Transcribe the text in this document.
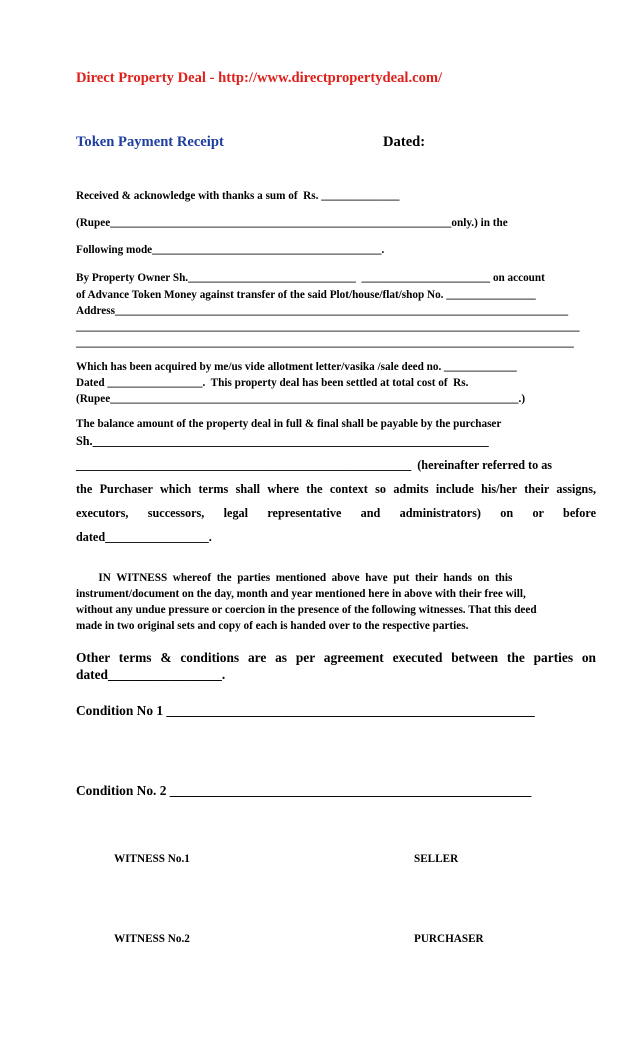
Direct Property Deal - http://www.directpropertydeal.com/
Token Payment Receipt	Dated:
Received & acknowledge with thanks a sum of  Rs. ______________
(Rupee_____________________________________________________________only.) in the
Following mode_________________________________________.
By Property Owner Sh.______________________________  _______________________ on account
of Advance Token Money against transfer of the said Plot/house/flat/shop No. ________________
Address_________________________________________________________________________________
__________________________________________________________________________________________
_________________________________________________________________________________________
Which has been acquired by me/us vide allotment letter/vasika /sale deed no. _____________
Dated _________________.  This property deal has been settled at total cost of  Rs.
(Rupee_________________________________________________________________________.)
The balance amount of the property deal in full & final shall be payable by the purchaser
Sh._________________________________________________________________
_______________________________________________________  (hereinafter referred to as
the Purchaser which terms shall where the context so admits include his/her their assigns,
executors, successors, legal representative and administrators) on or before
dated_________________.
IN  WITNESS  whereof  the  parties  mentioned  above  have  put  their  hands  on  this
instrument/document on the day, month and year mentioned here in above with their free will,
without any undue pressure or coercion in the presence of the following witnesses. That this deed
made in two original sets and copy of each is handed over to the respective parties.
Other terms & conditions are as per agreement executed between the parties on
dated_________________.
Condition No 1 _______________________________________________________
Condition No. 2 ______________________________________________________
WITNESS No.1	SELLER
WITNESS No.2	PURCHASER
